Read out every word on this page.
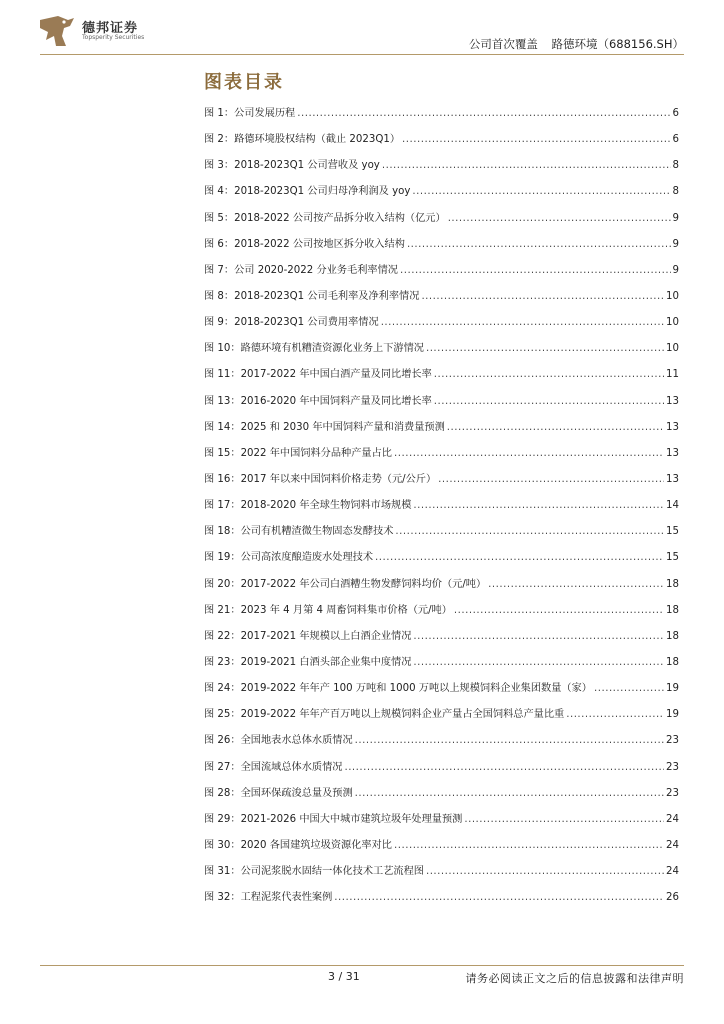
德邦证券
Topsperity Securities	公司首次覆盖 路德环境（688156.SH）
图表目录
图 1：公司发展历程 .....	6
图 2：路德环境股权结构（截止 2023Q1） .....	6
图 3：2018-2023Q1 公司营收及 yoy .....	8
图 4：2018-2023Q1 公司归母净利润及 yoy .....	8
图 5：2018-2022 公司按产品拆分收入结构（亿元） .....	9
图 6：2018-2022 公司按地区拆分收入结构 .....	9
图 7：公司 2020-2022 分业务毛利率情况 .....	9
图 8：2018-2023Q1 公司毛利率及净利率情况 .....	10
图 9：2018-2023Q1 公司费用率情况 .....	10
图 10：路德环境有机糟渣资源化业务上下游情况 .....	10
图 11：2017-2022 年中国白酒产量及同比增长率 .....	11
图 13：2016-2020 年中国饲料产量及同比增长率 .....	13
图 14：2025 和 2030 年中国饲料产量和消费量预测 .....	13
图 15：2022 年中国饲料分品种产量占比 .....	13
图 16：2017 年以来中国饲料价格走势（元/公斤） .....	13
图 17：2018-2020 年全球生物饲料市场规模 .....	14
图 18：公司有机糟渣微生物固态发酵技术 .....	15
图 19：公司高浓度酿造废水处理技术 .....	15
图 20：2017-2022 年公司白酒糟生物发酵饲料均价（元/吨） .....	18
图 21：2023 年 4 月第 4 周畜饲料集市价格（元/吨） .....	18
图 22：2017-2021 年规模以上白酒企业情况 .....	18
图 23：2019-2021 白酒头部企业集中度情况 .....	18
图 24：2019-2022 年年产 100 万吨和 1000 万吨以上规模饲料企业集团数量（家） .....	19
图 25：2019-2022 年年产百万吨以上规模饲料企业产量占全国饲料总产量比重 .....	19
图 26：全国地表水总体水质情况 .....	23
图 27：全国流域总体水质情况 .....	23
图 28：全国环保疏浚总量及预测 .....	23
图 29：2021-2026 中国大中城市建筑垃圾年处理量预测 .....	24
图 30：2020 各国建筑垃圾资源化率对比 .....	24
图 31：公司泥浆脱水固结一体化技术工艺流程图 .....	24
图 32：工程泥浆代表性案例 .....	26
3 / 31	请务必阅读正文之后的信息披露和法律声明
